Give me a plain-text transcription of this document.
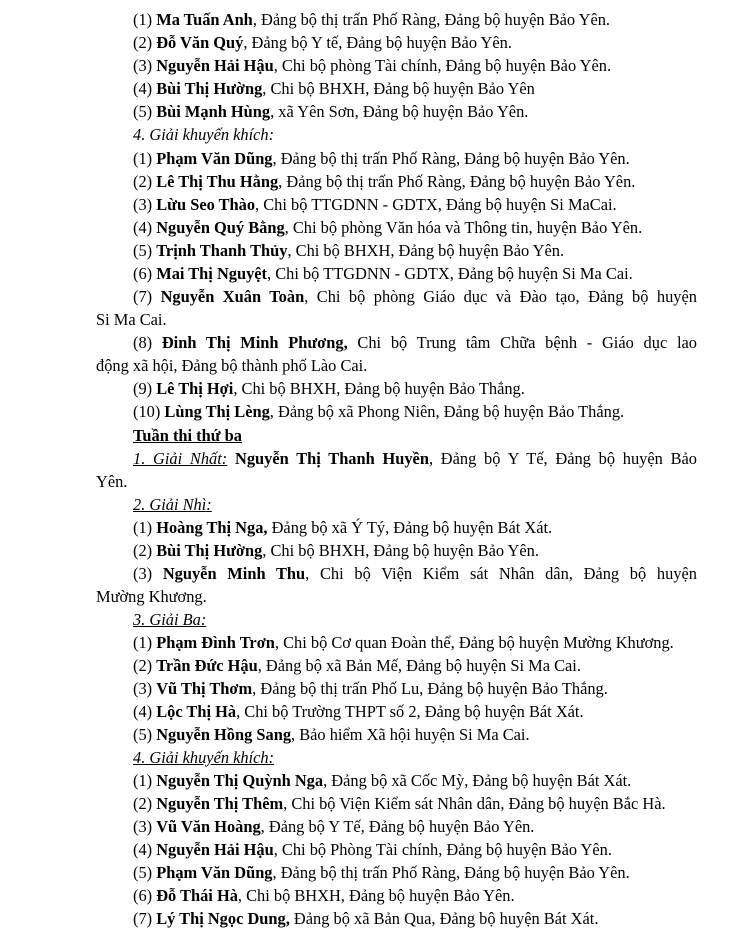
(1) Ma Tuấn Anh, Đảng bộ thị trấn Phố Ràng, Đảng bộ huyện Bảo Yên.
(2) Đỗ Văn Quý, Đảng bộ Y tế, Đảng bộ huyện Bảo Yên.
(3) Nguyễn Hải Hậu, Chi bộ phòng Tài chính, Đảng bộ huyện Bảo Yên.
(4) Bùi Thị Hường, Chi bộ BHXH, Đảng bộ huyện Bảo Yên
(5) Bùi Mạnh Hùng, xã Yên Sơn, Đảng bộ huyện Bảo Yên.
4. Giải khuyến khích:
(1) Phạm Văn Dũng, Đảng bộ thị trấn Phố Ràng, Đảng bộ huyện Bảo Yên.
(2) Lê Thị Thu Hằng, Đảng bộ thị trấn Phố Ràng, Đảng bộ huyện Bảo Yên.
(3) Lừu Seo Thào, Chi bộ TTGDNN - GDTX, Đảng bộ huyện Si MaCai.
(4) Nguyễn Quý Bằng, Chi bộ phòng Văn hóa và Thông tin, huyện Bảo Yên.
(5) Trịnh Thanh Thủy, Chi bộ BHXH, Đảng bộ huyện Bảo Yên.
(6) Mai Thị Nguyệt, Chi bộ TTGDNN - GDTX, Đảng bộ huyện Si Ma Cai.
(7) Nguyễn Xuân Toàn, Chi bộ phòng Giáo dục và Đào tạo, Đảng bộ huyện
Si Ma Cai.
(8) Đinh Thị Minh Phương, Chi bộ Trung tâm Chữa bệnh - Giáo dục lao
động xã hội, Đảng bộ thành phố Lào Cai.
(9) Lê Thị Hợi, Chi bộ BHXH, Đảng bộ huyện Bảo Thắng.
(10) Lùng Thị Lèng, Đảng bộ xã Phong Niên, Đảng bộ huyện Bảo Thắng.
Tuần thi thứ ba
1. Giải Nhất: Nguyễn Thị Thanh Huyền, Đảng bộ Y Tế, Đảng bộ huyện Bảo
Yên.
2. Giải Nhì:
(1) Hoàng Thị Nga, Đảng bộ xã Ý Tý, Đảng bộ huyện Bát Xát.
(2) Bùi Thị Hường, Chi bộ BHXH, Đảng bộ huyện Bảo Yên.
(3) Nguyễn Minh Thu, Chi bộ Viện Kiểm sát Nhân dân, Đảng bộ huyện
Mường Khương.
3. Giải Ba:
(1) Phạm Đình Trơn, Chi bộ Cơ quan Đoàn thể, Đảng bộ huyện Mường Khương.
(2) Trần Đức Hậu, Đảng bộ xã Bản Mế, Đảng bộ huyện Si Ma Cai.
(3) Vũ Thị Thơm, Đảng bộ thị trấn Phố Lu, Đảng bộ huyện Bảo Thắng.
(4) Lộc Thị Hà, Chi bộ Trường THPT số 2, Đảng bộ huyện Bát Xát.
(5) Nguyễn Hồng Sang, Bảo hiểm Xã hội huyện Si Ma Cai.
4. Giải khuyến khích:
(1) Nguyễn Thị Quỳnh Nga, Đảng bộ xã Cốc Mỳ, Đảng bộ huyện Bát Xát.
(2) Nguyễn Thị Thêm, Chi bộ Viện Kiểm sát Nhân dân, Đảng bộ huyện Bắc Hà.
(3) Vũ Văn Hoàng, Đảng bộ Y Tế, Đảng bộ huyện Bảo Yên.
(4) Nguyễn Hải Hậu, Chi bộ Phòng Tài chính, Đảng bộ huyện Bảo Yên.
(5) Phạm Văn Dũng, Đảng bộ thị trấn Phố Ràng, Đảng bộ huyện Bảo Yên.
(6) Đỗ Thái Hà, Chi bộ BHXH, Đảng bộ huyện Bảo Yên.
(7) Lý Thị Ngọc Dung, Đảng bộ xã Bản Qua, Đảng bộ huyện Bát Xát.
